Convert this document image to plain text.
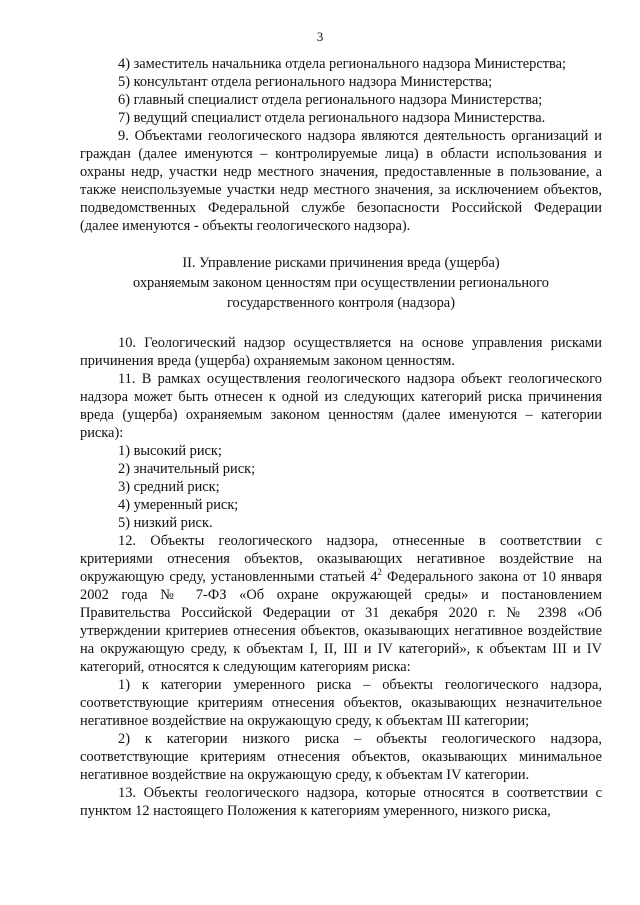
3

4) заместитель начальника отдела регионального надзора Министерства;

5) консультант отдела регионального надзора Министерства;

6) главный специалист отдела регионального надзора Министерства;

7) ведущий специалист отдела регионального надзора Министерства.

9. Объектами геологического надзора являются деятельность организаций и граждан (далее именуются – контролируемые лица) в области использования и охраны недр, участки недр местного значения, предоставленные в пользование, а также неиспользуемые участки недр местного значения, за исключением объектов, подведомственных Федеральной службе безопасности Российской Федерации (далее именуются - объекты геологического надзора).

II. Управление рисками причинения вреда (ущерба)
охраняемым законом ценностям при осуществлении регионального
государственного контроля (надзора)

10. Геологический надзор осуществляется на основе управления рисками причинения вреда (ущерба) охраняемым законом ценностям.

11. В рамках осуществления геологического надзора объект геологического надзора может быть отнесен к одной из следующих категорий риска причинения вреда (ущерба) охраняемым законом ценностям (далее именуются – категории риска):

1) высокий риск;

2) значительный риск;

3) средний риск;

4) умеренный риск;

5) низкий риск.

12. Объекты геологического надзора, отнесенные в соответствии с критериями отнесения объектов, оказывающих негативное воздействие на окружающую среду, установленными статьей $4^2$ Федерального закона от 10 января 2002 года № 7-ФЗ «Об охране окружающей среды» и постановлением Правительства Российской Федерации от 31 декабря 2020 г. № 2398 «Об утверждении критериев отнесения объектов, оказывающих негативное воздействие на окружающую среду, к объектам I, II, III и IV категорий», к объектам III и IV категорий, относятся к следующим категориям риска:

1) к категории умеренного риска – объекты геологического надзора, соответствующие критериям отнесения объектов, оказывающих незначительное негативное воздействие на окружающую среду, к объектам III категории;

2) к категории низкого риска – объекты геологического надзора, соответствующие критериям отнесения объектов, оказывающих минимальное негативное воздействие на окружающую среду, к объектам IV категории.

13. Объекты геологического надзора, которые относятся в соответствии с пунктом 12 настоящего Положения к категориям умеренного, низкого риска,
